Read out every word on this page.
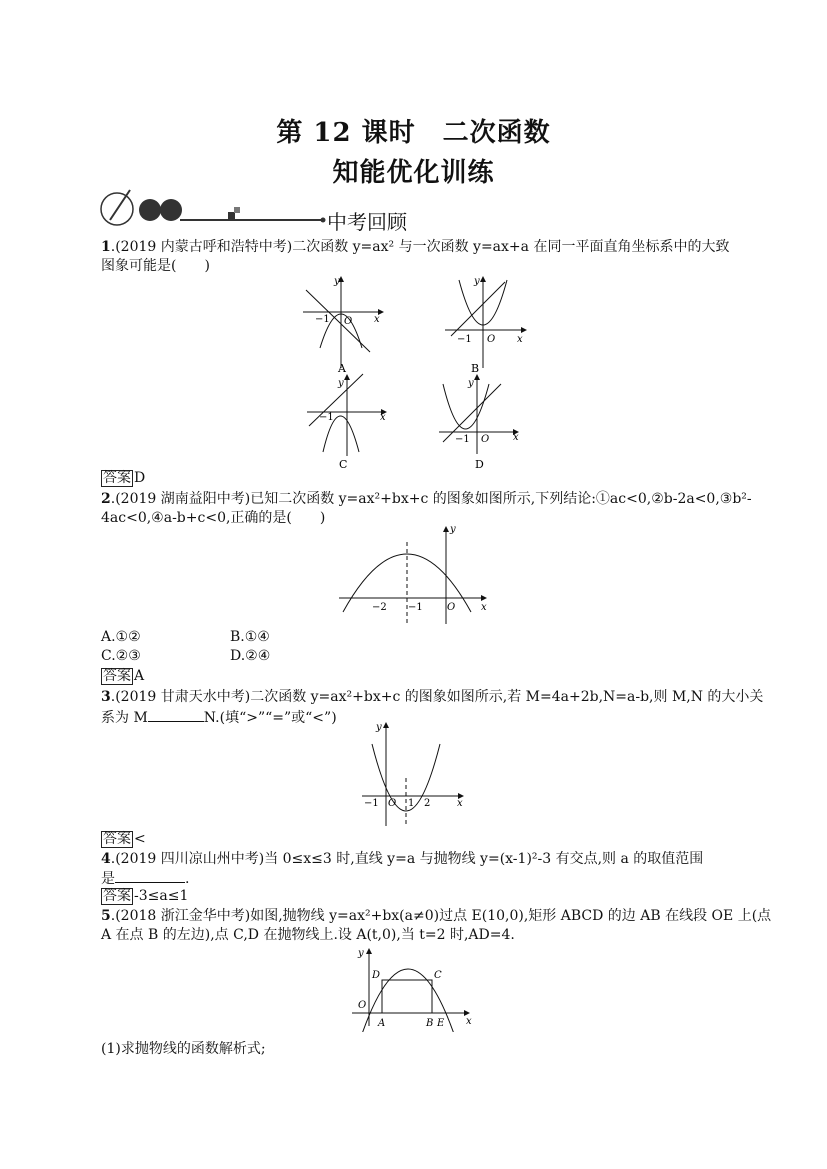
第 12 课时　二次函数
知能优化训练
中考回顾
1.(2019 内蒙古呼和浩特中考)二次函数 y=ax² 与一次函数 y=ax+a 在同一平面直角坐标系中的大致
图象可能是(　　)
y
x
−1 O
A
y
x
−1 O
B
y
x
−1
C
y
x
−1 O
D
答案 D
2.(2019 湖南益阳中考)已知二次函数 y=ax²+bx+c 的图象如图所示,下列结论:①ac<0,②b-2a<0,③b²-
4ac<0,④a-b+c<0,正确的是(　　)
y
x
−2 −1 O
A.①②	B.①④
C.②③	D.②④
答案 A
3.(2019 甘肃天水中考)二次函数 y=ax²+bx+c 的图象如图所示,若 M=4a+2b,N=a-b,则 M,N 的大小关
系为 M	N.(填“>”“=”或“<”)
y
x
−1 O 1 2
答案 <
4.(2019 四川凉山州中考)当 0≤x≤3 时,直线 y=a 与抛物线 y=(x-1)²-3 有交点,则 a 的取值范围
是	.
答案 -3≤a≤1
5.(2018 浙江金华中考)如图,抛物线 y=ax²+bx(a≠0)过点 E(10,0),矩形 ABCD 的边 AB 在线段 OE 上(点
A 在点 B 的左边),点 C,D 在抛物线上.设 A(t,0),当 t=2 时,AD=4.
y
D	C
O
A	B E x
(1)求抛物线的函数解析式;
